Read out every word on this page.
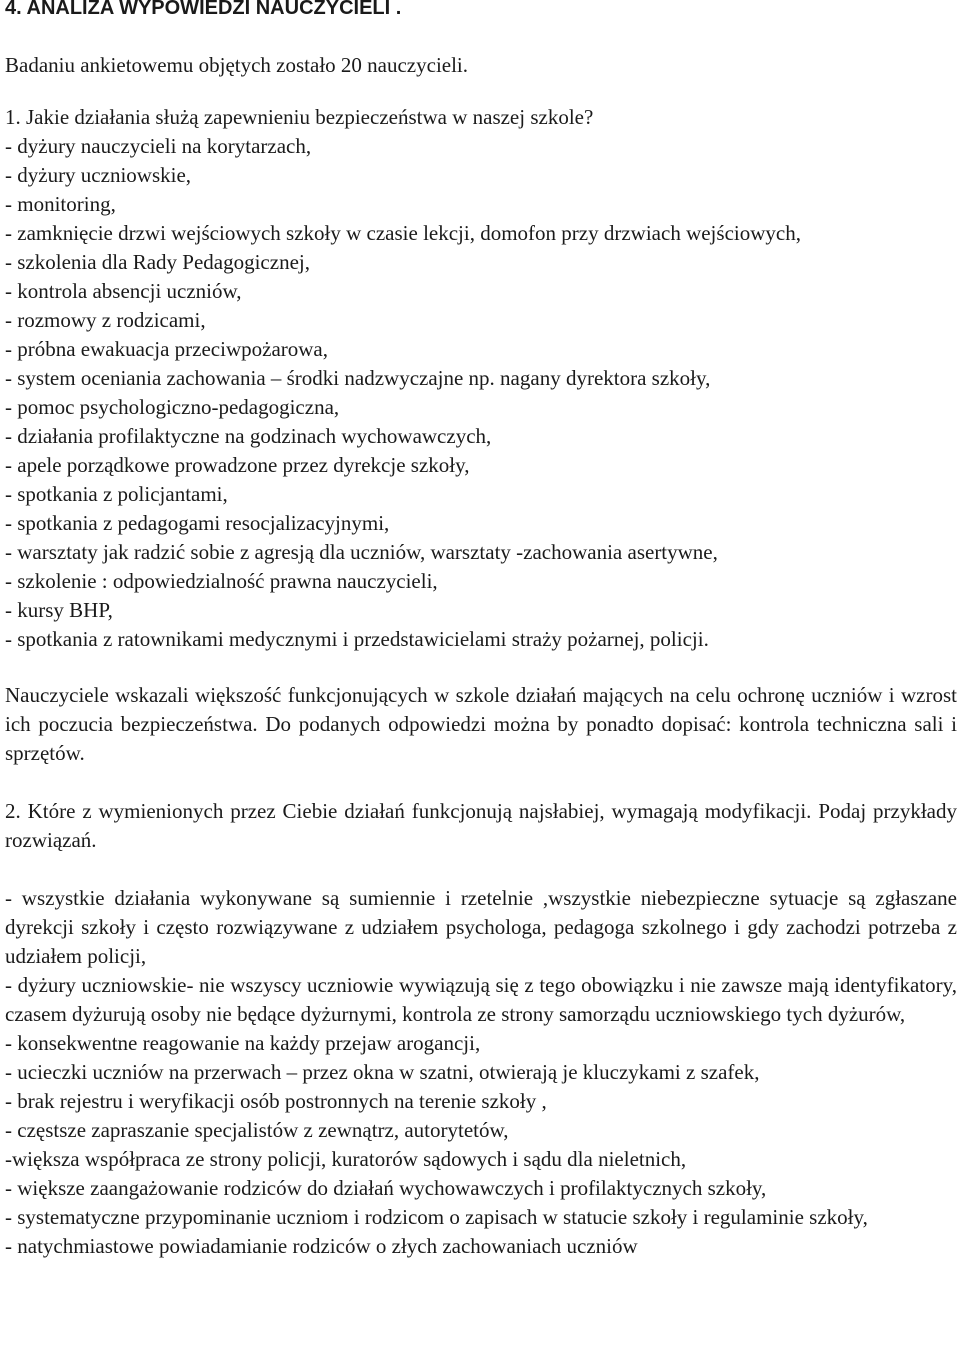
4. ANALIZA WYPOWIEDZI NAUCZYCIELI .

Badaniu ankietowemu objętych zostało 20 nauczycieli.

1. Jakie działania służą zapewnieniu bezpieczeństwa w naszej szkole?

- dyżury nauczycieli na korytarzach,
- dyżury uczniowskie,
- monitoring,
- zamknięcie drzwi wejściowych szkoły w czasie lekcji, domofon przy drzwiach wejściowych,
- szkolenia dla Rady Pedagogicznej,
- kontrola absencji uczniów,
- rozmowy z rodzicami,
- próbna ewakuacja przeciwpożarowa,
- system oceniania zachowania – środki nadzwyczajne np. nagany dyrektora szkoły,
- pomoc psychologiczno-pedagogiczna,
- działania profilaktyczne na godzinach wychowawczych,
- apele porządkowe prowadzone przez dyrekcje szkoły,
- spotkania z policjantami,
- spotkania z pedagogami resocjalizacyjnymi,
- warsztaty jak radzić sobie z agresją dla uczniów, warsztaty -zachowania asertywne,
- szkolenie : odpowiedzialność prawna nauczycieli,
- kursy BHP,
- spotkania z ratownikami medycznymi i przedstawicielami straży pożarnej, policji.

Nauczyciele wskazali większość funkcjonujących w szkole działań mających na celu ochronę uczniów i wzrost ich poczucia bezpieczeństwa. Do podanych odpowiedzi można by ponadto dopisać: kontrola techniczna sali i sprzętów.

2. Które z wymienionych przez Ciebie działań funkcjonują najsłabiej, wymagają modyfikacji. Podaj przykłady rozwiązań.

- wszystkie działania wykonywane są sumiennie i rzetelnie ,wszystkie niebezpieczne sytuacje są zgłaszane dyrekcji szkoły i często rozwiązywane z udziałem psychologa, pedagoga szkolnego i gdy zachodzi potrzeba z udziałem policji,
- dyżury uczniowskie- nie wszyscy uczniowie wywiązują się z tego obowiązku i nie zawsze mają identyfikatory, czasem dyżurują osoby nie będące dyżurnymi, kontrola ze strony samorządu uczniowskiego tych dyżurów,
- konsekwentne reagowanie na każdy przejaw arogancji,
- ucieczki uczniów na przerwach – przez okna w szatni, otwierają je kluczykami z szafek,
- brak rejestru i weryfikacji osób postronnych na terenie szkoły ,
- częstsze zapraszanie specjalistów z zewnątrz, autorytetów,
-większa współpraca ze strony policji, kuratorów sądowych i sądu dla nieletnich,
- większe zaangażowanie rodziców do działań wychowawczych i profilaktycznych szkoły,
- systematyczne przypominanie uczniom i rodzicom o zapisach w statucie szkoły i regulaminie szkoły,
- natychmiastowe powiadamianie rodziców o złych zachowaniach uczniów
